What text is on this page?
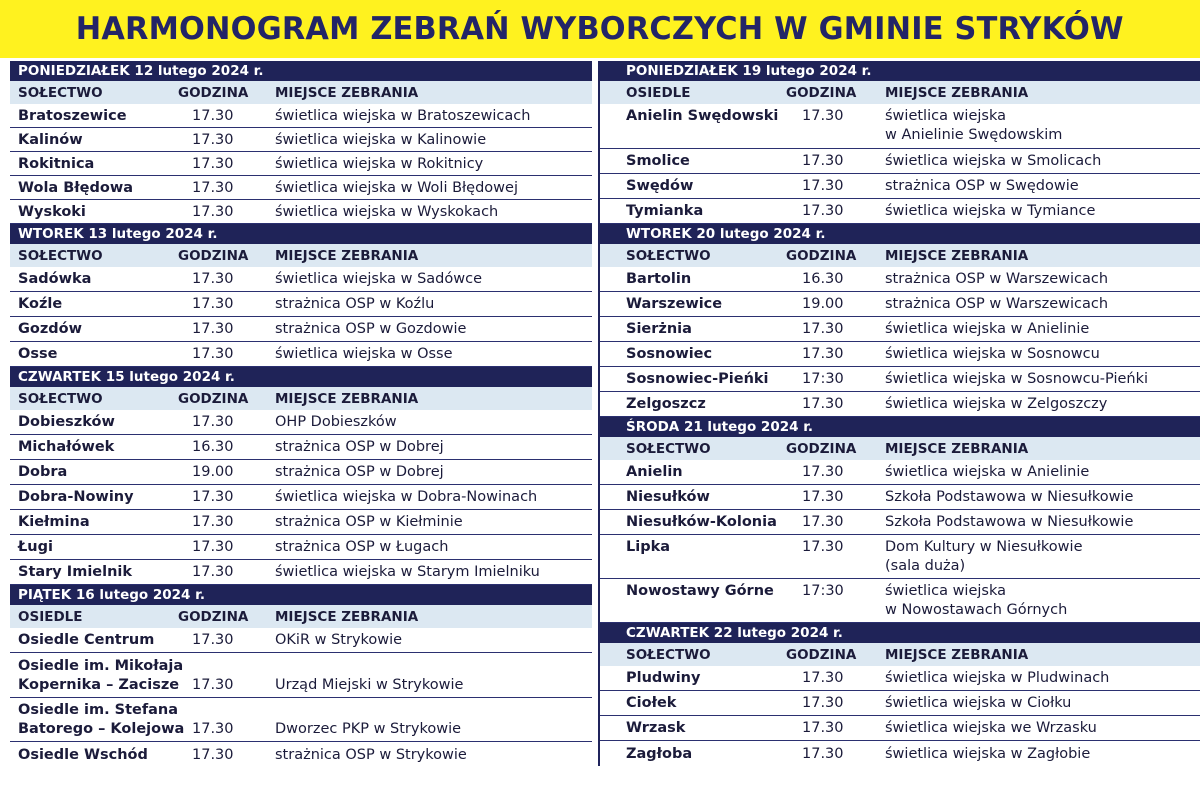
HARMONOGRAM ZEBRAŃ WYBORCZYCH W GMINIE STRYKÓW
PONIEDZIAŁEK 12 lutego 2024 r.
SOŁECTWO	GODZINA	MIEJSCE ZEBRANIA
Bratoszewice	17.30	świetlica wiejska w Bratoszewicach
Kalinów	17.30	świetlica wiejska w Kalinowie
Rokitnica	17.30	świetlica wiejska w Rokitnicy
Wola Błędowa	17.30	świetlica wiejska w Woli Błędowej
Wyskoki	17.30	świetlica wiejska w Wyskokach
WTOREK 13 lutego 2024 r.
SOŁECTWO	GODZINA	MIEJSCE ZEBRANIA
Sadówka	17.30	świetlica wiejska w Sadówce
Koźle	17.30	strażnica OSP w Koźlu
Gozdów	17.30	strażnica OSP w Gozdowie
Osse	17.30	świetlica wiejska w Osse
CZWARTEK 15 lutego 2024 r.
SOŁECTWO	GODZINA	MIEJSCE ZEBRANIA
Dobieszków	17.30	OHP Dobieszków
Michałówek	16.30	strażnica OSP w Dobrej
Dobra	19.00	strażnica OSP w Dobrej
Dobra-Nowiny	17.30	świetlica wiejska w Dobra-Nowinach
Kiełmina	17.30	strażnica OSP w Kiełminie
Ługi	17.30	strażnica OSP w Ługach
Stary Imielnik	17.30	świetlica wiejska w Starym Imielniku
PIĄTEK 16 lutego 2024 r.
OSIEDLE	GODZINA	MIEJSCE ZEBRANIA
Osiedle Centrum	17.30	OKiR w Strykowie
Osiedle im. Mikołaja
Kopernika – Zacisze 17.30	Urząd Miejski w Strykowie
Osiedle im. Stefana
Batorego – Kolejowa 17.30	Dworzec PKP w Strykowie
Osiedle Wschód	17.30	strażnica OSP w Strykowie
PONIEDZIAŁEK 19 lutego 2024 r.
OSIEDLE	GODZINA	MIEJSCE ZEBRANIA
Anielin Swędowski	17.30	świetlica wiejska
w Anielinie Swędowskim
Smolice	17.30	świetlica wiejska w Smolicach
Swędów	17.30	strażnica OSP w Swędowie
Tymianka	17.30	świetlica wiejska w Tymiance
WTOREK 20 lutego 2024 r.
SOŁECTWO	GODZINA	MIEJSCE ZEBRANIA
Bartolin	16.30	strażnica OSP w Warszewicach
Warszewice	19.00	strażnica OSP w Warszewicach
Sierżnia	17.30	świetlica wiejska w Anielinie
Sosnowiec	17.30	świetlica wiejska w Sosnowcu
Sosnowiec-Pieńki	17:30	świetlica wiejska w Sosnowcu-Pieńki
Zelgoszcz	17.30	świetlica wiejska w Zelgoszczy
ŚRODA 21 lutego 2024 r.
SOŁECTWO	GODZINA	MIEJSCE ZEBRANIA
Anielin	17.30	świetlica wiejska w Anielinie
Niesułków	17.30	Szkoła Podstawowa w Niesułkowie
Niesułków-Kolonia	17.30	Szkoła Podstawowa w Niesułkowie
Lipka	17.30	Dom Kultury w Niesułkowie
(sala duża)
Nowostawy Górne	17:30	świetlica wiejska
w Nowostawach Górnych
CZWARTEK 22 lutego 2024 r.
SOŁECTWO	GODZINA	MIEJSCE ZEBRANIA
Pludwiny	17.30	świetlica wiejska w Pludwinach
Ciołek	17.30	świetlica wiejska w Ciołku
Wrzask	17.30	świetlica wiejska we Wrzasku
Zagłoba	17.30	świetlica wiejska w Zagłobie
